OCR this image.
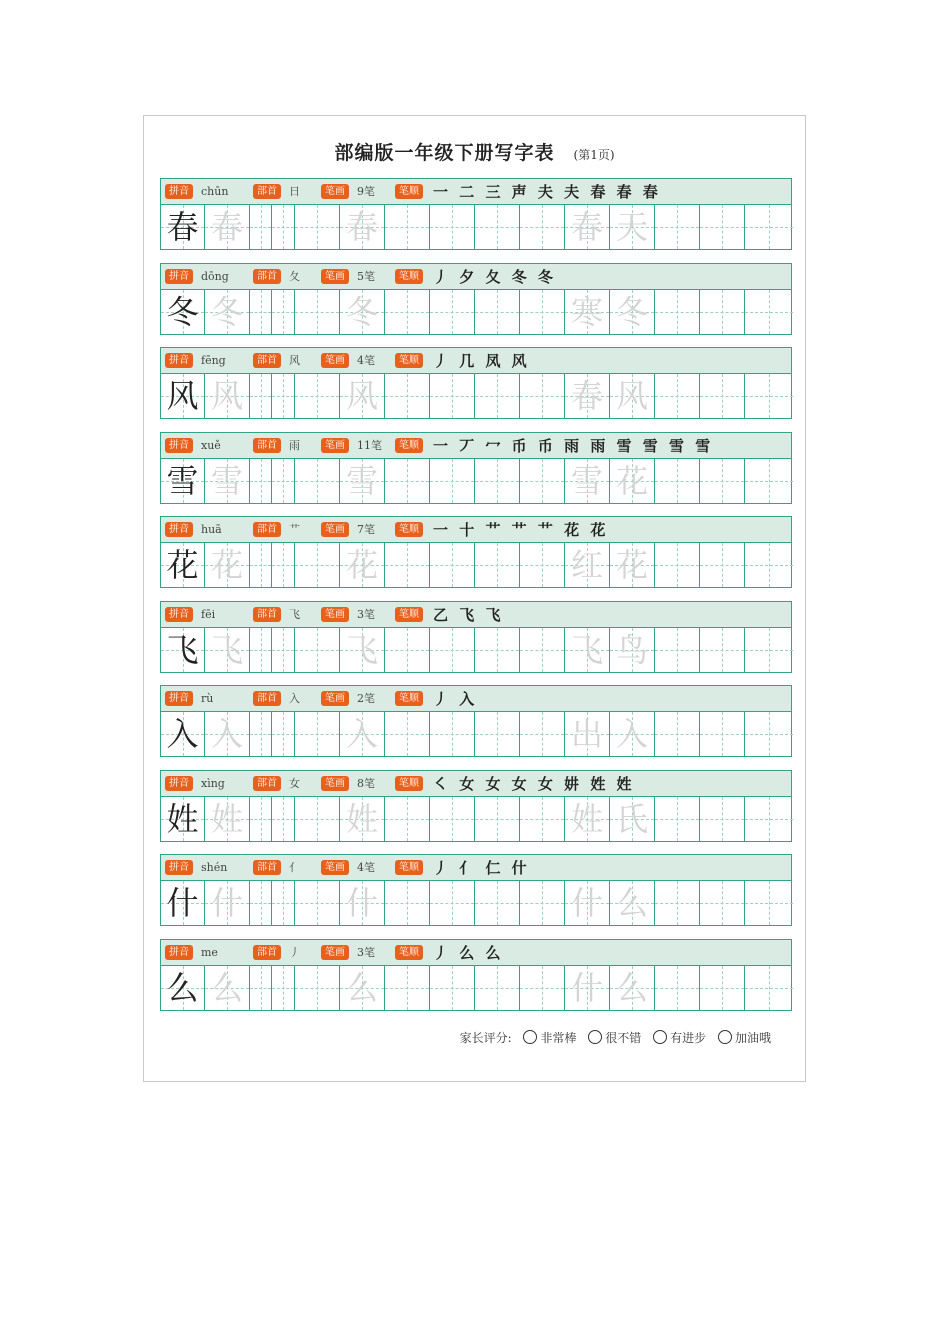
部编版一年级下册写字表 (第1页)
拼音	chūn	部首	日	笔画	9笔	笔顺 一 二 三 声 夫 夫 春 春 春
春 春	春	春 天
拼音	dōng	部首	夂	笔画	5笔	笔顺 丿 夕 夂 冬 冬
冬 冬	冬	寒 冬
拼音	fēng	部首	风	笔画	4笔	笔顺 丿 几 凤 风
风 风	风	春 风
拼音	xuě	部首	雨	笔画	11笔	笔顺 一 丆 冖 币 币 雨 雨 雪 雪 雪 雪
雪 雪	雪	雪 花
拼音	huā	部首	艹	笔画	7笔	笔顺 一 十 艹 艹 艹 花 花
花 花	花	红 花
拼音	fēi	部首	飞	笔画	3笔	笔顺 乙 飞 飞
飞 飞	飞	飞 鸟
拼音	rù	部首	入	笔画	2笔	笔顺 丿 入
入 入	入	出 入
拼音	xìng	部首	女	笔画	8笔	笔顺 ㇛ 女 女 女 女 妌 姓 姓
姓 姓	姓	姓 氏
拼音	shén	部首	亻	笔画	4笔	笔顺 丿 亻 仁 什
什 什	什	什 么
拼音	me	部首	丿	笔画	3笔	笔顺 丿 么 么
么 么	么	什 么
家长评分: 非常棒 很不错 有进步 加油哦
